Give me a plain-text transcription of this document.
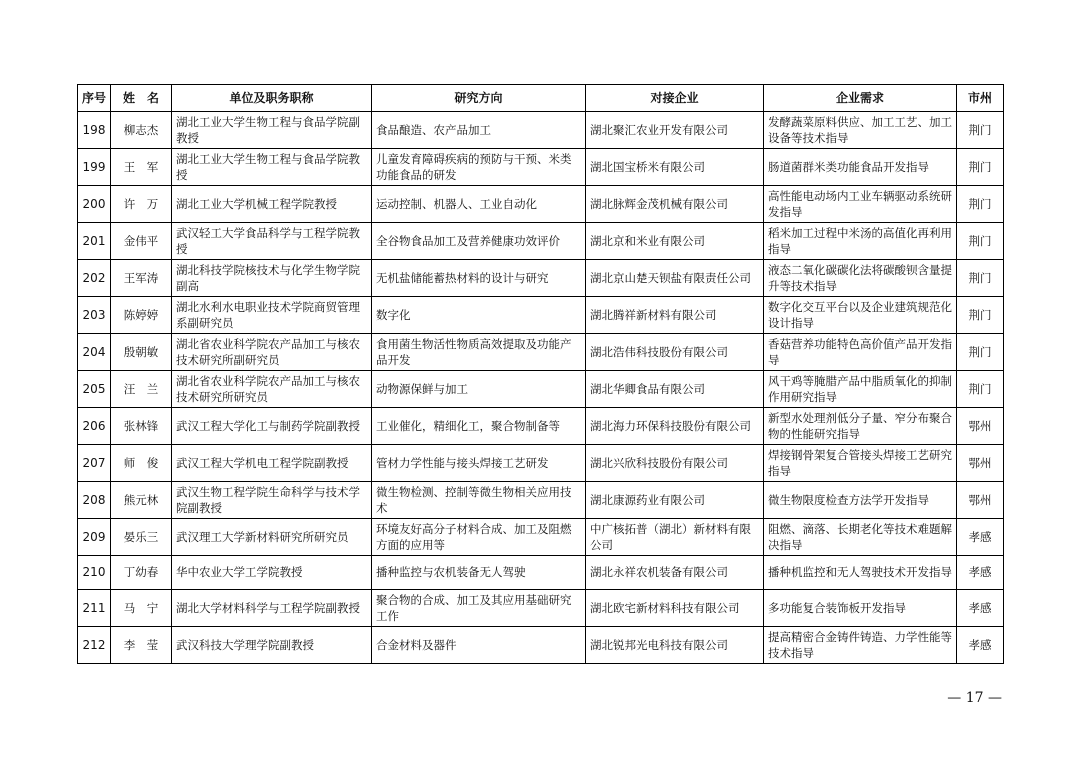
序号	姓　名	单位及职务职称	研究方向	对接企业	企业需求	市州
198	柳志杰	湖北工业大学生物工程与食品学院副教授	食品酿造、农产品加工	湖北聚汇农业开发有限公司	发酵蔬菜原料供应、加工工艺、加工设备等技术指导	荆门
199	王　军	湖北工业大学生物工程与食品学院教授	儿童发育障碍疾病的预防与干预、米类功能食品的研发	湖北国宝桥米有限公司	肠道菌群米类功能食品开发指导	荆门
200	许　万	湖北工业大学机械工程学院教授	运动控制、机器人、工业自动化	湖北脉辉金茂机械有限公司	高性能电动场内工业车辆驱动系统研发指导	荆门
201	金伟平	武汉轻工大学食品科学与工程学院教授	全谷物食品加工及营养健康功效评价	湖北京和米业有限公司	稻米加工过程中米汤的高值化再利用指导	荆门
202	王军涛	湖北科技学院核技术与化学生物学院副高	无机盐储能蓄热材料的设计与研究	湖北京山楚天钡盐有限责任公司	液态二氧化碳碳化法将碳酸钡含量提升等技术指导	荆门
203	陈婷婷	湖北水利水电职业技术学院商贸管理系副研究员	数字化	湖北腾祥新材料有限公司	数字化交互平台以及企业建筑规范化设计指导	荆门
204	殷朝敏	湖北省农业科学院农产品加工与核农技术研究所副研究员	食用菌生物活性物质高效提取及功能产品开发	湖北浩伟科技股份有限公司	香菇营养功能特色高价值产品开发指导	荆门
205	汪　兰	湖北省农业科学院农产品加工与核农技术研究所研究员	动物源保鲜与加工	湖北华卿食品有限公司	风干鸡等腌腊产品中脂质氧化的抑制作用研究指导	荆门
206	张林锋	武汉工程大学化工与制药学院副教授	工业催化，精细化工，聚合物制备等	湖北海力环保科技股份有限公司	新型水处理剂低分子量、窄分布聚合物的性能研究指导	鄂州
207	师　俊	武汉工程大学机电工程学院副教授	管材力学性能与接头焊接工艺研发	湖北兴欣科技股份有限公司	焊接钢骨架复合管接头焊接工艺研究指导	鄂州
208	熊元林	武汉生物工程学院生命科学与技术学院副教授	微生物检测、控制等微生物相关应用技术	湖北康源药业有限公司	微生物限度检查方法学开发指导	鄂州
209	晏乐三	武汉理工大学新材料研究所研究员	环境友好高分子材料合成、加工及阻燃方面的应用等	中广核拓普（湖北）新材料有限公司	阻燃、滴落、长期老化等技术难题解决指导	孝感
210	丁幼春	华中农业大学工学院教授	播种监控与农机装备无人驾驶	湖北永祥农机装备有限公司	播种机监控和无人驾驶技术开发指导	孝感
211	马　宁	湖北大学材料科学与工程学院副教授	聚合物的合成、加工及其应用基础研究工作	湖北欧宅新材料科技有限公司	多功能复合装饰板开发指导	孝感
212	李　莹	武汉科技大学理学院副教授	合金材料及器件	湖北锐邦光电科技有限公司	提高精密合金铸件铸造、力学性能等技术指导	孝感
— 17 —
